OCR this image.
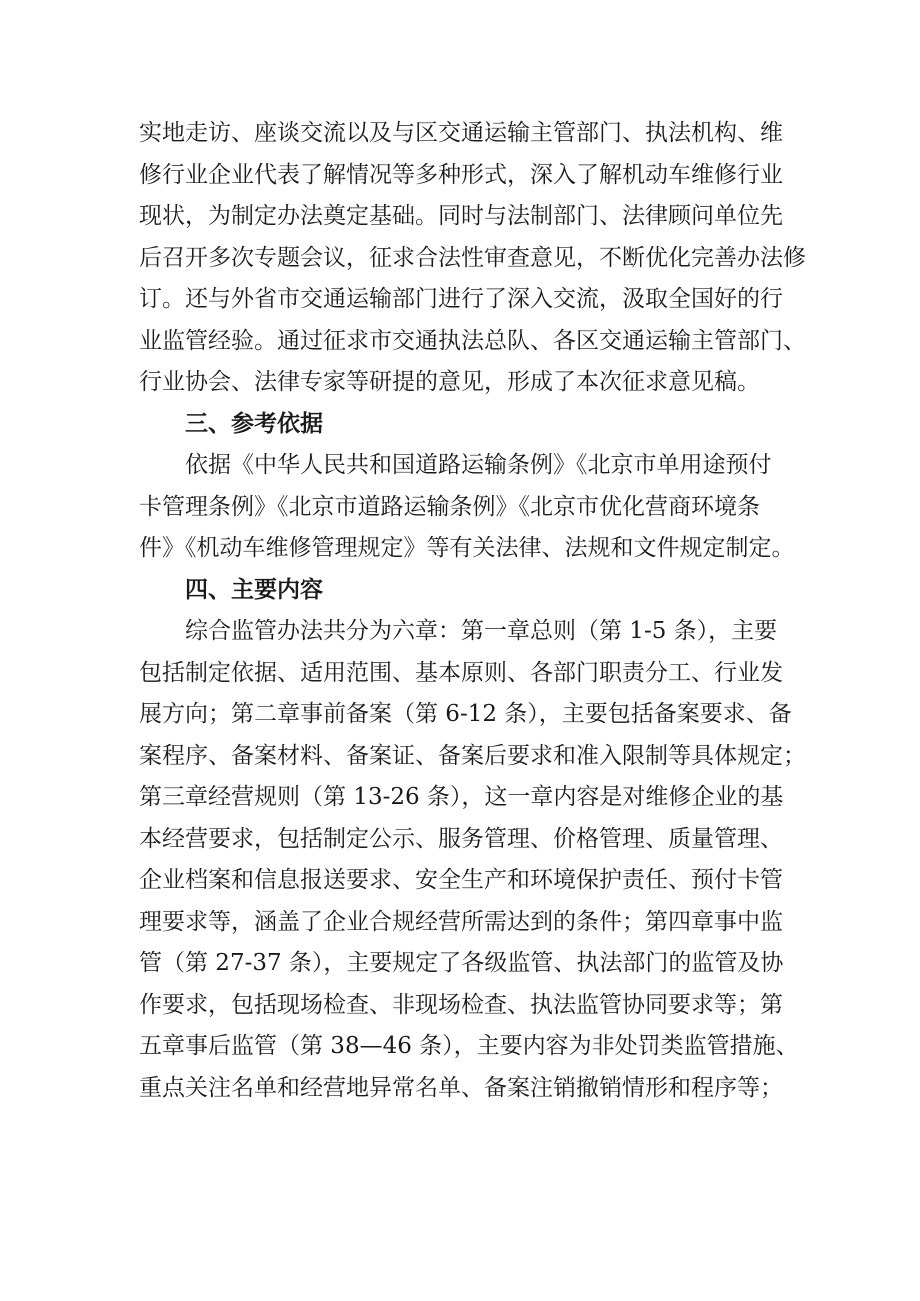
实地走访、座谈交流以及与区交通运输主管部门、执法机构、维
修行业企业代表了解情况等多种形式，深入了解机动车维修行业
现状，为制定办法奠定基础。同时与法制部门、法律顾问单位先
后召开多次专题会议，征求合法性审查意见，不断优化完善办法修
订。还与外省市交通运输部门进行了深入交流，汲取全国好的行
业监管经验。通过征求市交通执法总队、各区交通运输主管部门、
行业协会、法律专家等研提的意见，形成了本次征求意见稿。
三、参考依据
依据《中华人民共和国道路运输条例》《北京市单用途预付
卡管理条例》《北京市道路运输条例》《北京市优化营商环境条
件》《机动车维修管理规定》等有关法律、法规和文件规定制定。
四、主要内容
综合监管办法共分为六章：第一章总则（第 1-5 条），主要
包括制定依据、适用范围、基本原则、各部门职责分工、行业发
展方向；第二章事前备案（第 6-12 条），主要包括备案要求、备
案程序、备案材料、备案证、备案后要求和准入限制等具体规定；
第三章经营规则（第 13-26 条），这一章内容是对维修企业的基
本经营要求，包括制定公示、服务管理、价格管理、质量管理、
企业档案和信息报送要求、安全生产和环境保护责任、预付卡管
理要求等，涵盖了企业合规经营所需达到的条件；第四章事中监
管（第 27-37 条），主要规定了各级监管、执法部门的监管及协
作要求，包括现场检查、非现场检查、执法监管协同要求等；第
五章事后监管（第 38—46 条），主要内容为非处罚类监管措施、
重点关注名单和经营地异常名单、备案注销撤销情形和程序等；
